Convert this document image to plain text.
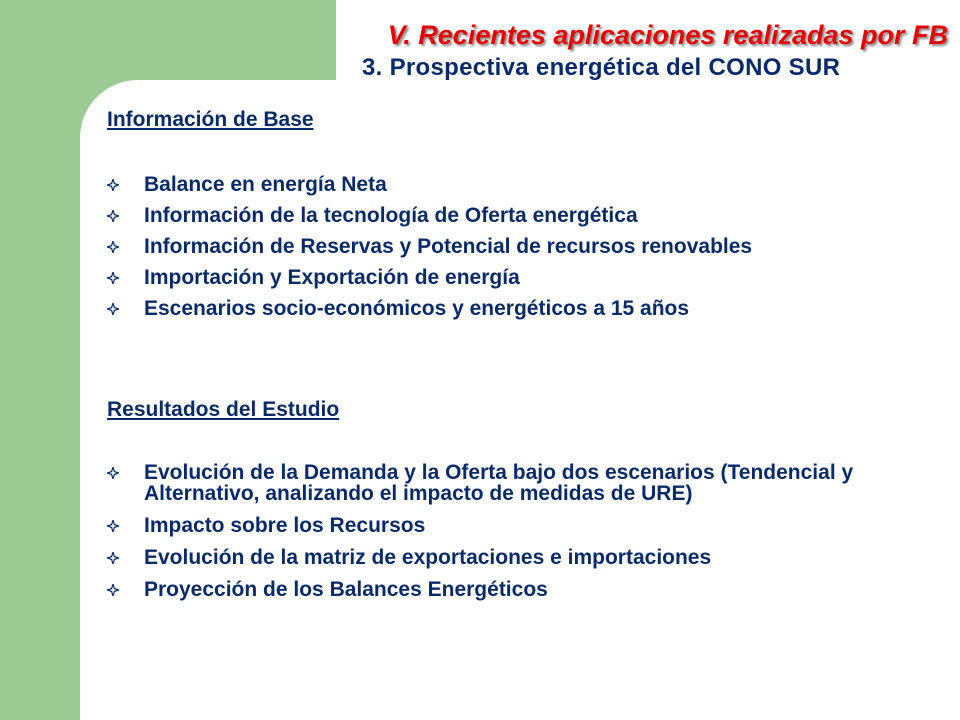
V. Recientes aplicaciones realizadas por FB
3. Prospectiva energética del CONO SUR
Información de Base
Balance en energía Neta
Información de la tecnología de Oferta energética
Información de Reservas y Potencial de recursos renovables
Importación y Exportación de energía
Escenarios socio-económicos y energéticos a 15 años
Resultados del Estudio
Evolución de la Demanda y la Oferta bajo dos escenarios (Tendencial y Alternativo, analizando el impacto de medidas de URE)
Impacto sobre los Recursos
Evolución de la matriz de exportaciones e importaciones
Proyección de los Balances Energéticos
